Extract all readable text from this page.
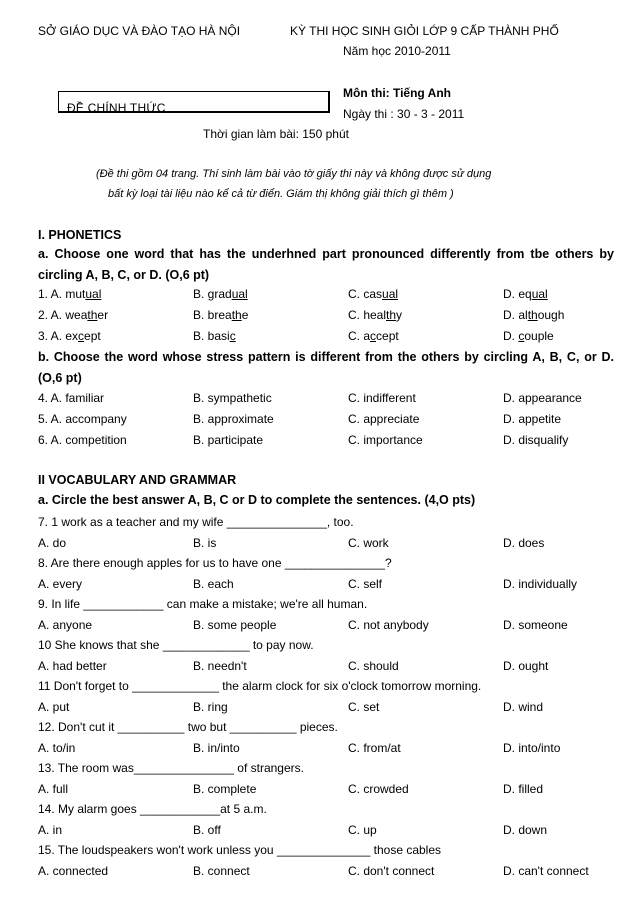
SỞ GIÁO DỤC VÀ ĐÀO TẠO HÀ NỘI	KỲ THI HỌC SINH GIỎI LỚP 9 CẤP THÀNH PHỐ
Năm học 2010-2011
Môn thi: Tiếng Anh
Ngày thi : 30 - 3 - 2011
ĐỀ CHÍNH THỨC
Thời gian làm bài: 150 phút
(Đề thi gồm 04 trang. Thí sinh làm bài vào tờ giấy thi này và không được sử dụng
bất kỳ loại tài liệu nào kể cả từ điển. Giám thị không giải thích gì thêm )
I. PHONETICS
a. Choose one word that has the underhned part pronounced differently from tbe others by circling A, B, C, or D. (O,6 pt)
1. A. mutual	B. gradual	C. casual	D. equal
2. A. weather	B. breathe	C. healthy	D. although
3. A. except	B. basic	C. accept	D. couple
b. Choose the word whose stress pattern is different from the others by circling A, B, C, or D. (O,6 pt)
4. A. familiar	B. sympathetic	C. indifferent	D. appearance
5. A. accompany	B. approximate	C. appreciate	D. appetite
6. A. competition	B. participate	C. importance	D. disqualify
II VOCABULARY AND GRAMMAR
a. Circle the best answer A, B, C or D to complete the sentences. (4,O pts)
7. 1 work as a teacher and my wife _______________, too.
A. do	B. is	C. work	D. does
8. Are there enough apples for us to have one _______________?
A. every	B. each	C. self	D. individually
9. In life ____________ can make a mistake; we're all human.
A. anyone	B. some people	C. not anybody	D. someone
10 She knows that she _____________ to pay now.
A. had better	B. needn't	C. should	D. ought
11 Don't forget to _____________ the alarm clock for six o'clock tomorrow morning.
A. put	B. ring	C. set	D. wind
12. Don't cut it __________ two but __________ pieces.
A. to/in	B. in/into	C. from/at	D. into/into
13. The room was_______________ of strangers.
A. full	B. complete	C. crowded	D. filled
14. My alarm goes ____________at 5 a.m.
A. in	B. off	C. up	D. down
15. The loudspeakers won't work unless you ______________ those cables
A. connected	B. connect	C. don't connect	D. can't connect
